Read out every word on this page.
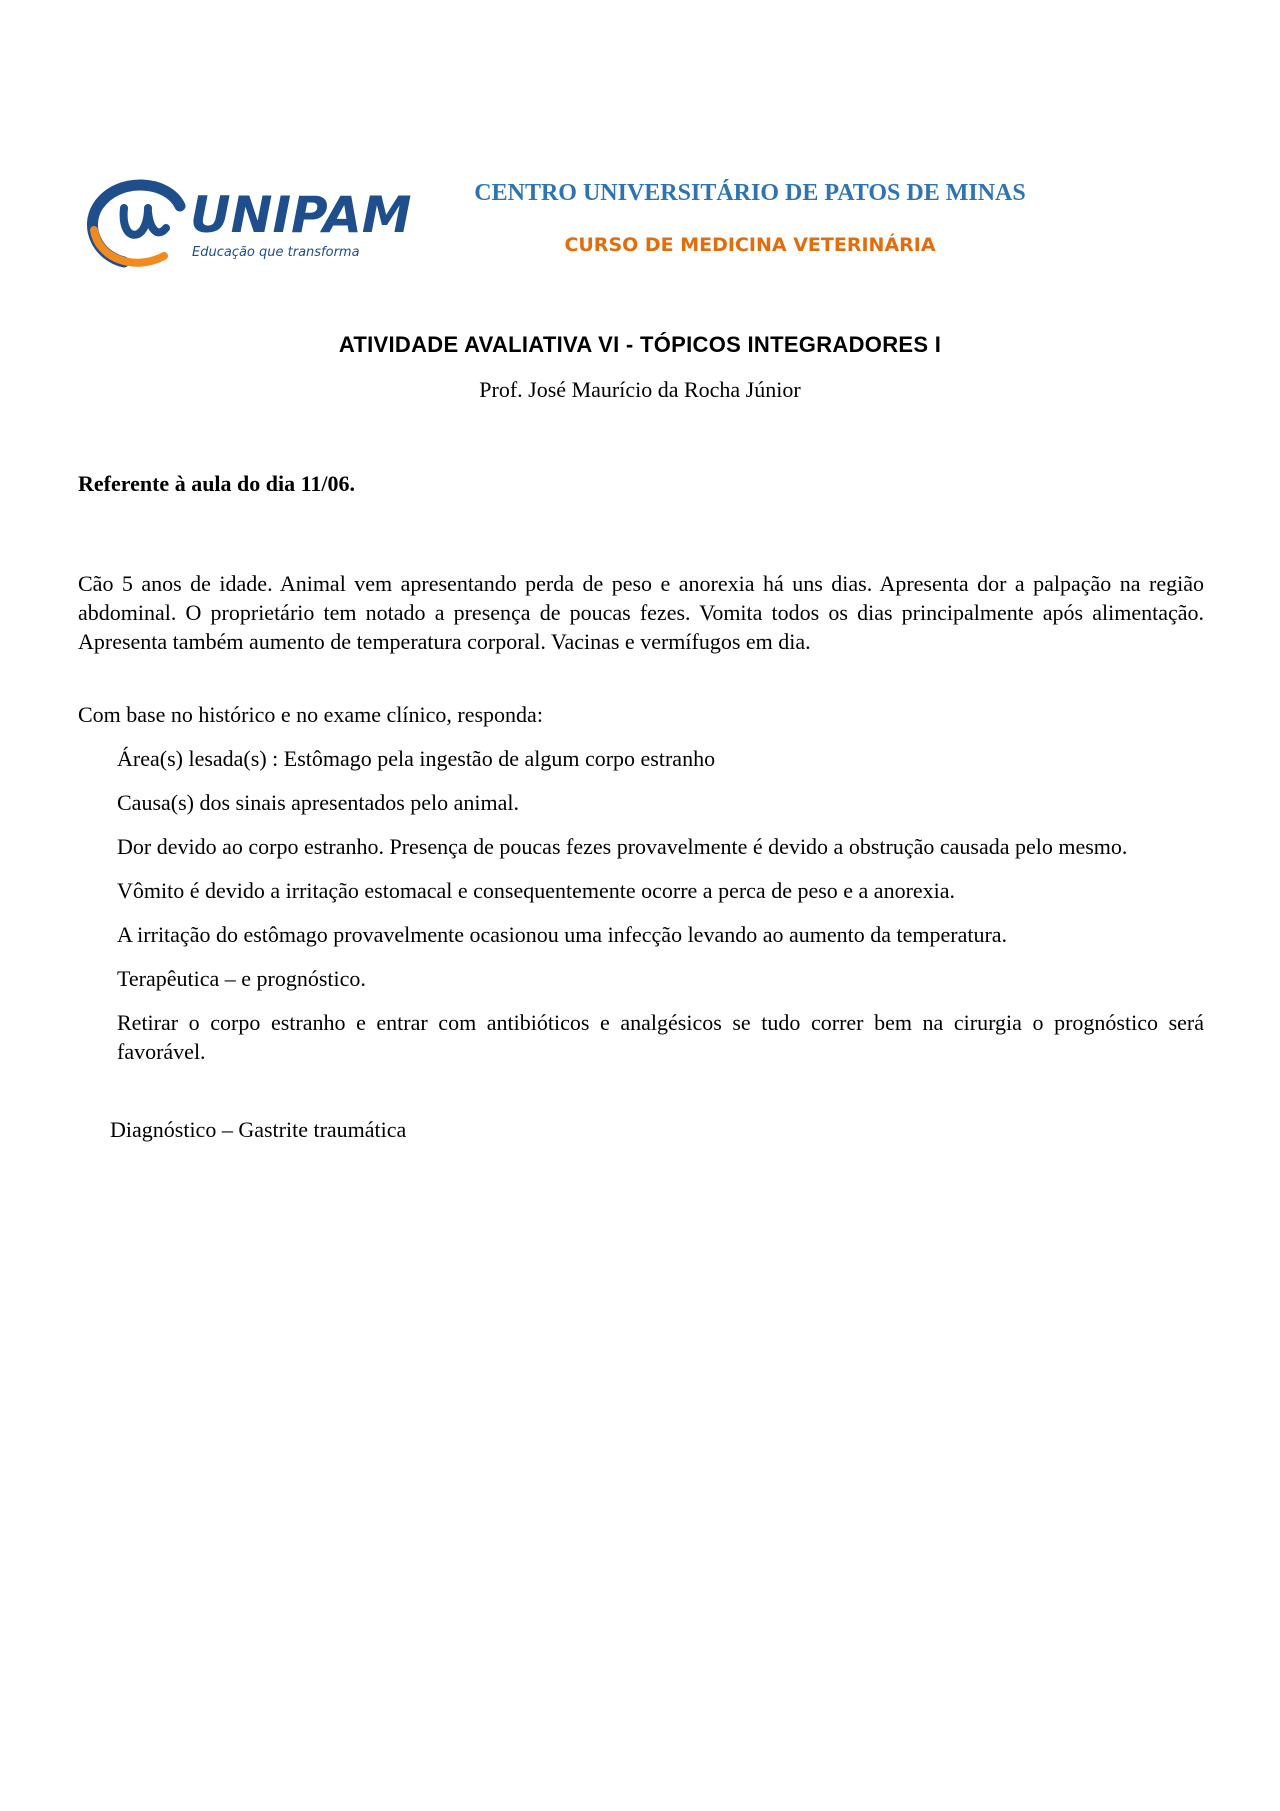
UNIPAM
Educação que transforma
CENTRO UNIVERSITÁRIO DE PATOS DE MINAS
CURSO DE MEDICINA VETERINÁRIA
ATIVIDADE AVALIATIVA VI - TÓPICOS INTEGRADORES I
Prof. José Maurício da Rocha Júnior
Referente à aula do dia 11/06.

Cão 5 anos de idade. Animal vem apresentando perda de peso e anorexia há uns dias. Apresenta dor a palpação na região abdominal. O proprietário tem notado a presença de poucas fezes. Vomita todos os dias principalmente após alimentação. Apresenta também aumento de temperatura corporal. Vacinas e vermífugos em dia.

Com base no histórico e no exame clínico, responda:

Área(s) lesada(s) : Estômago pela ingestão de algum corpo estranho

Causa(s) dos sinais apresentados pelo animal.

Dor devido ao corpo estranho. Presença de poucas fezes provavelmente é devido a obstrução causada pelo mesmo.

Vômito é devido a irritação estomacal e consequentemente ocorre a perca de peso e a anorexia.

A irritação do estômago provavelmente ocasionou uma infecção levando ao aumento da temperatura.

Terapêutica – e prognóstico.

Retirar o corpo estranho e entrar com antibióticos e analgésicos se tudo correr bem na cirurgia o prognóstico será favorável.

Diagnóstico – Gastrite traumática
